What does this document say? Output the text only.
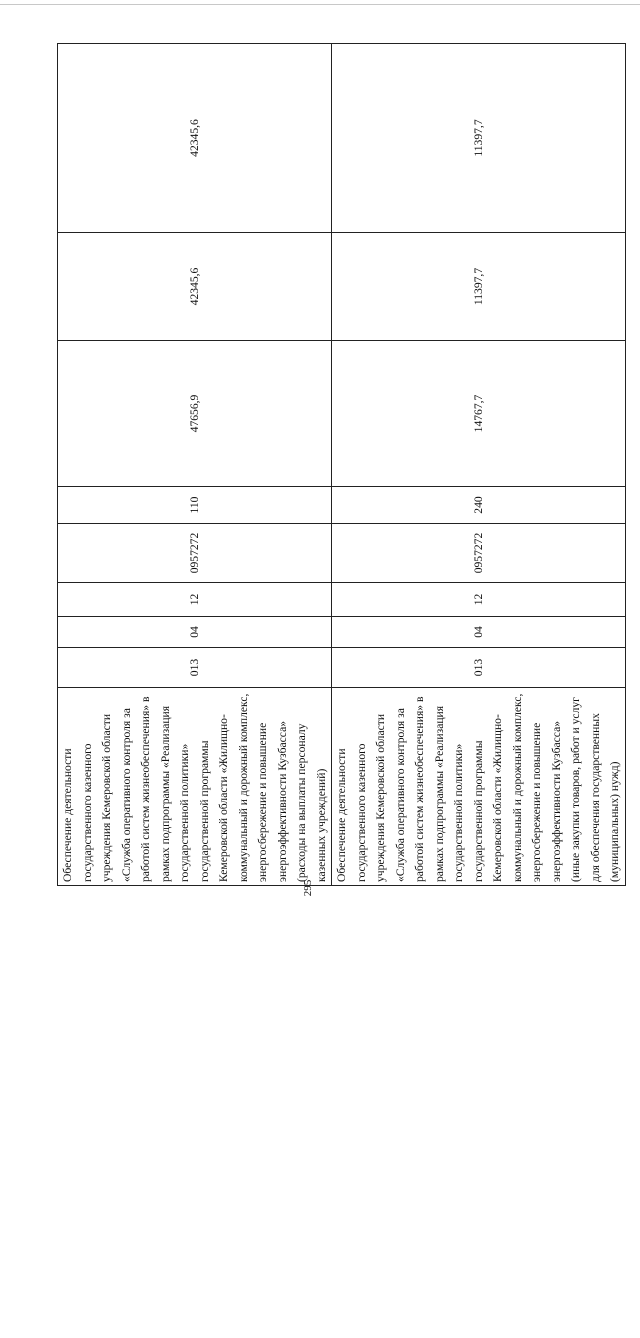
295
Обеспечение деятельности государственного казенного учреждения Кемеровской области «Служба оперативного контроля за работой систем жизнеобеспечения» в рамках подпрограммы «Реализация государственной политики» государственной программы Кемеровской области «Жилищно-коммунальный и дорожный комплекс, энергосбережение и повышение энергоэффективности Кузбасса» (расходы на выплаты персоналу казенных учреждений)	013	04	12	0957272	110	47656,9	42345,6	42345,6
Обеспечение деятельности государственного казенного учреждения Кемеровской области «Служба оперативного контроля за работой систем жизнеобеспечения» в рамках подпрограммы «Реализация государственной политики» государственной программы Кемеровской области «Жилищно-коммунальный и дорожный комплекс, энергосбережение и повышение энергоэффективности Кузбасса» (иные закупки товаров, работ и услуг для обеспечения государственных (муниципальных) нужд)	013	04	12	0957272	240	14767,7	11397,7	11397,7
